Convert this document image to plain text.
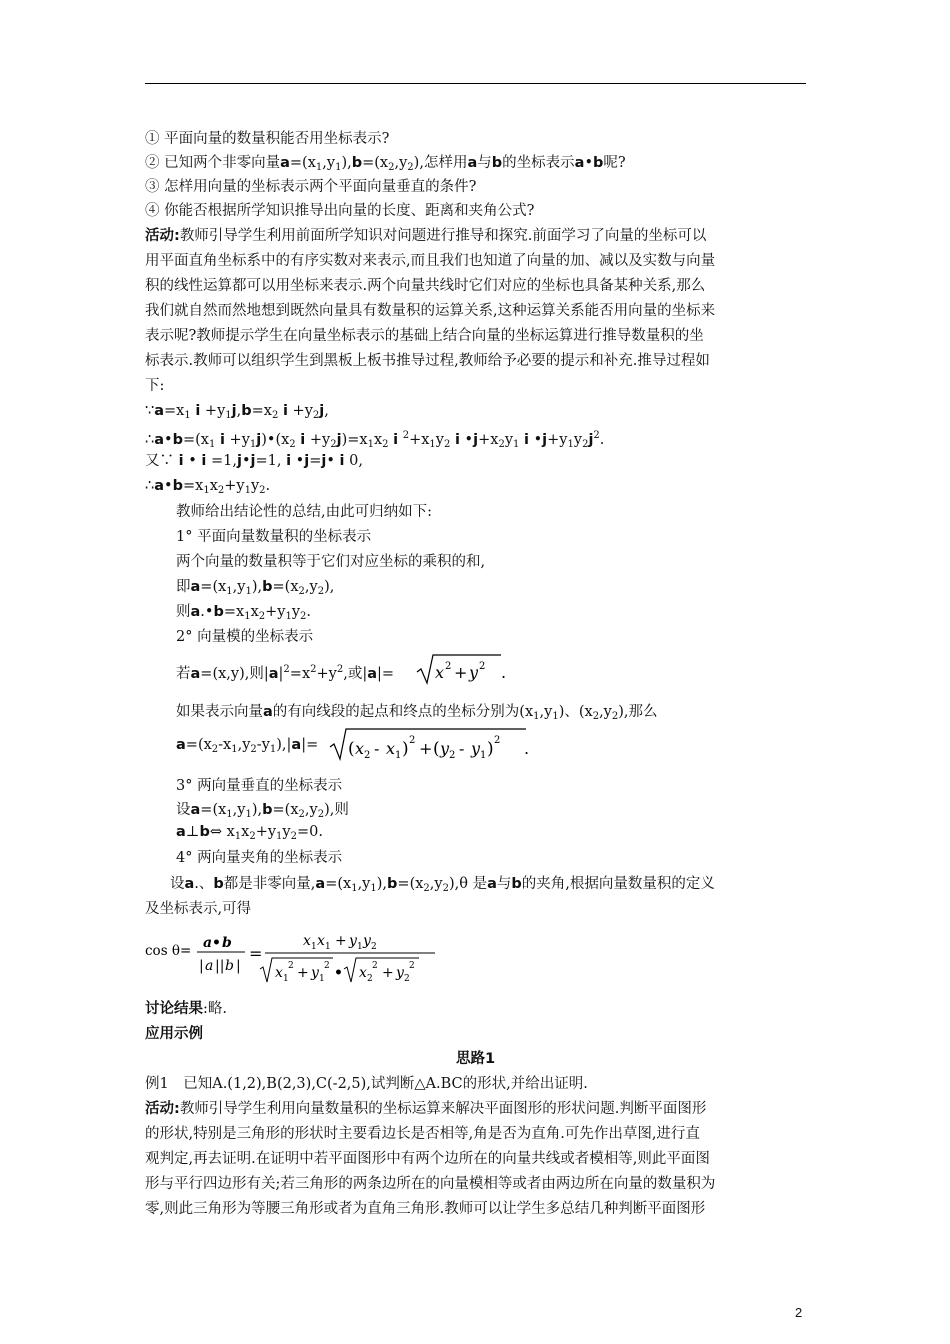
① 平面向量的数量积能否用坐标表示?
② 已知两个非零向量$a=(x_1,y_1),b=(x_2,y_2)$,怎样用a与b的坐标表示a•b呢?
③ 怎样用向量的坐标表示两个平面向量垂直的条件?
④ 你能否根据所学知识推导出向量的长度、距离和夹角公式?
活动:教师引导学生利用前面所学知识对问题进行推导和探究.前面学习了向量的坐标可以
用平面直角坐标系中的有序实数对来表示,而且我们也知道了向量的加、减以及实数与向量
积的线性运算都可以用坐标来表示.两个向量共线时它们对应的坐标也具备某种关系,那么
我们就自然而然地想到既然向量具有数量积的运算关系,这种运算关系能否用向量的坐标来
表示呢?教师提示学生在向量坐标表示的基础上结合向量的坐标运算进行推导数量积的坐
标表示.教师可以组织学生到黑板上板书推导过程,教师给予必要的提示和补充.推导过程如
下:
$\because a=x_1$ $i +y_1j,b=x_2$ $i +y_2j$,
$\therefore a•b=(x_1$ $i +y_1j)•(x_2$ $i +y_2j)=x_1x_2$ i $^2+x_1y_2$ i $•j+x_2y_1$ i $•j+y_1y_2j^2$.
又∵ i • i =1,j•j=1, i •j=j• i 0,
$\therefore a•b=x_1x_2+y_1y_2$.
教师给出结论性的总结,由此可归纳如下:
1° 平面向量数量积的坐标表示
两个向量的数量积等于它们对应坐标的乘积的和,
即$a=(x_1,y_1),b=(x_2,y_2)$,
则$a.•b=x_1x_2+y_1y_2$.
2° 向量模的坐标表示
若a=(x,y),则$|a|^2=x^2+y^2$,或|a|=	x 2 + y 2 .
如果表示向量a的有向线段的起点和终点的坐标分别为$(x_1,y_1)$、$(x_2,y_2)$,那么
$a=(x_2-x_1,y_2-y_1),|a|=$ ( x 2 - x 1 ) 2 + ( y 2 - y 1 ) 2 .
3° 两向量垂直的坐标表示
设$a=(x_1,y_1),b=(x_2,y_2)$,则
a⊥b⇔ $x_1x_2+y_1y_2=0$.
4° 两向量夹角的坐标表示
设a.、b都是非零向量$,a=(x_1,y_1),b=(x_2,y_2),\theta$ 是a与b的夹角,根据向量数量积的定义
及坐标表示,可得
cos θ= a • b
| a || b |
=
x 1 x 1 + y 1 y 2
x 1
2 + y 1
2 • x 2
2 + y 2
2
讨论结果:略.
应用示例
思路1
例1　已知A.(1,2),B(2,3),C(-2,5),试判断△A.BC的形状,并给出证明.
活动:教师引导学生利用向量数量积的坐标运算来解决平面图形的形状问题.判断平面图形
的形状,特别是三角形的形状时主要看边长是否相等,角是否为直角.可先作出草图,进行直
观判定,再去证明.在证明中若平面图形中有两个边所在的向量共线或者模相等,则此平面图
形与平行四边形有关;若三角形的两条边所在的向量模相等或者由两边所在向量的数量积为
零,则此三角形为等腰三角形或者为直角三角形.教师可以让学生多总结几种判断平面图形
2
